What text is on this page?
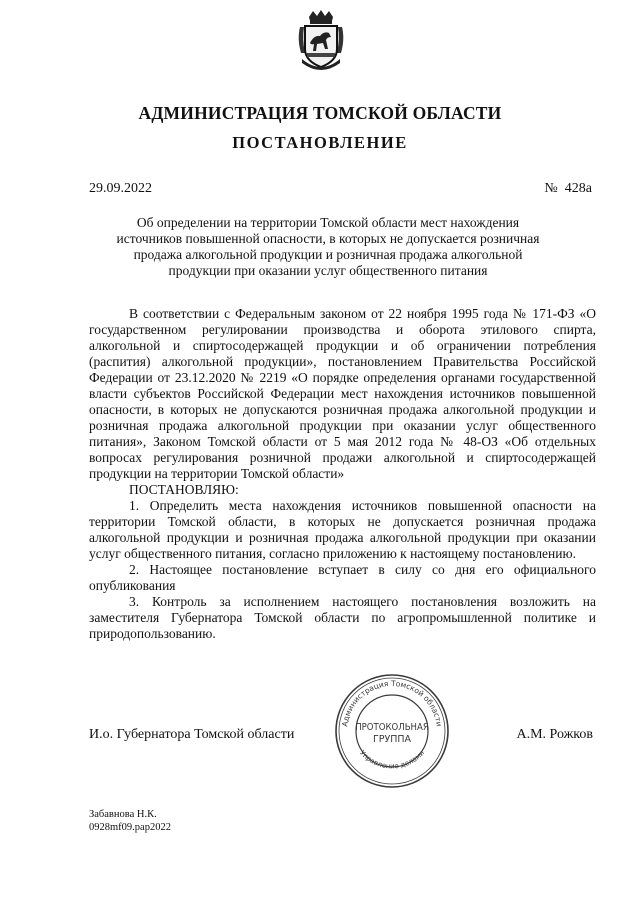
АДМИНИСТРАЦИЯ ТОМСКОЙ ОБЛАСТИ
ПОСТАНОВЛЕНИЕ
29.09.2022	№  428а
Об определении на территории Томской области мест нахождения источников повышенной опасности, в которых не допускается розничная продажа алкогольной продукции и розничная продажа алкогольной продукции при оказании услуг общественного питания

В соответствии с Федеральным законом от 22 ноября 1995 года № 171-ФЗ «О государственном регулировании производства и оборота этилового спирта, алкогольной и спиртосодержащей продукции и об ограничении потребления (распития) алкогольной продукции», постановлением Правительства Российской Федерации от 23.12.2020 № 2219 «О порядке определения органами государственной власти субъектов Российской Федерации мест нахождения источников повышенной опасности, в которых не допускаются розничная продажа алкогольной продукции и розничная продажа алкогольной продукции при оказании услуг общественного питания», Законом Томской области от 5 мая 2012 года № 48-ОЗ «Об отдельных вопросах регулирования розничной продажи алкогольной и спиртосодержащей продукции на территории Томской области»

ПОСТАНОВЛЯЮ:

1. Определить места нахождения источников повышенной опасности на территории Томской области, в которых не допускается розничная продажа алкогольной продукции и розничная продажа алкогольной продукции при оказании услуг общественного питания, согласно приложению к настоящему постановлению.

2. Настоящее постановление вступает в силу со дня его официального опубликования

3. Контроль за исполнением настоящего постановления возложить на заместителя Губернатора Томской области по агропромышленной политике и природопользованию.

И.о. Губернатора Томской области	А.М. Рожков
Администрация Томской области
Управление делами
ПРОТОКОЛЬНАЯ
ГРУППА
Забавнова Н.К.
0928mf09.pap2022
